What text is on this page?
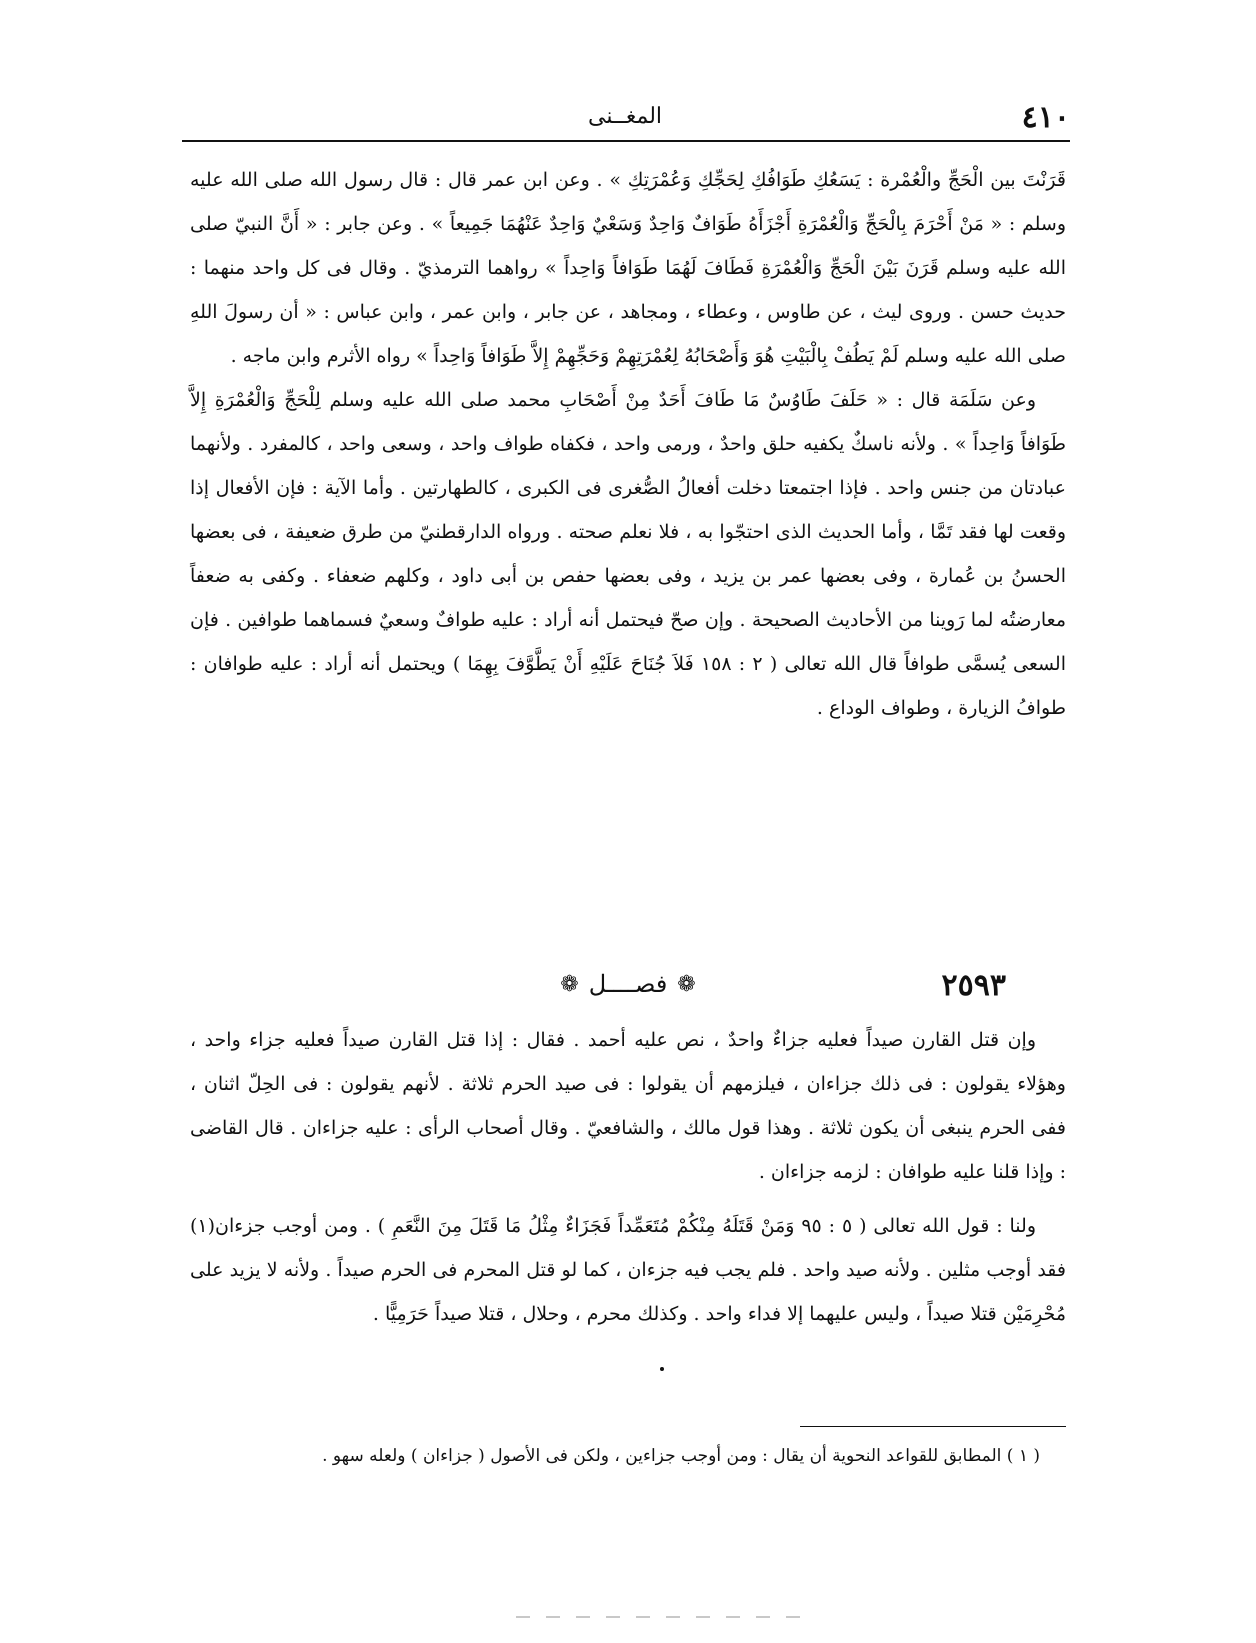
٤١٠
المغــنى

قَرَنْتَ بين الْحَجِّ والْعُمْرة : يَسَعُكِ طَوَافُكِ لِحَجِّكِ وَعُمْرَتِكِ » . وعن ابن عمر قال : قال رسول الله صلى الله عليه وسلم : « مَنْ أَحْرَمَ بِالْحَجِّ وَالْعُمْرَةِ أَجْزَأَهُ طَوَافٌ وَاحِدٌ وَسَعْيٌ وَاحِدٌ عَنْهُمَا جَمِيعاً » . وعن جابر : « أَنَّ النبيّ صلى الله عليه وسلم قَرَنَ بَيْنَ الْحَجِّ وَالْعُمْرَةِ فَطَافَ لَهُمَا طَوَافاً وَاحِداً » رواهما الترمذيّ . وقال فى كل واحد منهما : حديث حسن . وروى ليث ، عن طاوس ، وعطاء ، ومجاهد ، عن جابر ، وابن عمر ، وابن عباس : « أن رسولَ اللهِ صلى الله عليه وسلم لَمْ يَطُفْ بِالْبَيْتِ هُوَ وَأَصْحَابُهُ لِعُمْرَتِهِمْ وَحَجِّهِمْ إِلاَّ طَوَافاً وَاحِداً » رواه الأثرم وابن ماجه .

وعن سَلَمَة قال : « حَلَفَ طَاوُسٌ مَا طَافَ أَحَدٌ مِنْ أَصْحَابِ محمد صلى الله عليه وسلم لِلْحَجِّ وَالْعُمْرَةِ إِلاَّ طَوَافاً وَاحِداً » . ولأنه ناسكٌ يكفيه حلق واحدٌ ، ورمى واحد ، فكفاه طواف واحد ، وسعى واحد ، كالمفرد . ولأنهما عبادتان من جنس واحد . فإذا اجتمعتا دخلت أفعالُ الصُّغرى فى الكبرى ، كالطهارتين . وأما الآية : فإن الأفعال إذا وقعت لها فقد تَمَّا ، وأما الحديث الذى احتجّوا به ، فلا نعلم صحته . ورواه الدارقطنيّ من طرق ضعيفة ، فى بعضها الحسنُ بن عُمارة ، وفى بعضها عمر بن يزيد ، وفى بعضها حفص بن أبى داود ، وكلهم ضعفاء . وكفى به ضعفاً معارضتُه لما رَوينا من الأحاديث الصحيحة . وإن صحّ فيحتمل أنه أراد : عليه طوافٌ وسعيٌ فسماهما طوافين . فإن السعى يُسمَّى طوافاً قال الله تعالى ( ٢ : ١٥٨ فَلاَ جُنَاحَ عَلَيْهِ أَنْ يَطَّوَّفَ بِهِمَا ) ويحتمل أنه أراد : عليه طوافان : طوافُ الزيارة ، وطواف الوداع .

٢٥٩٣
❁
فصــــل
❁

وإن قتل القارن صيداً فعليه جزاءٌ واحدٌ ، نص عليه أحمد . فقال : إذا قتل القارن صيداً فعليه جزاء واحد ، وهؤلاء يقولون : فى ذلك جزاءان ، فيلزمهم أن يقولوا : فى صيد الحرم ثلاثة . لأنهم يقولون : فى الحِلّ اثنان ، ففى الحرم ينبغى أن يكون ثلاثة . وهذا قول مالك ، والشافعيّ . وقال أصحاب الرأى : عليه جزاءان . قال القاضى : وإذا قلنا عليه طوافان : لزمه جزاءان .

ولنا : قول الله تعالى ( ٥ : ٩٥ وَمَنْ قَتَلَهُ مِنْكُمْ مُتَعَمِّداً فَجَزَاءٌ مِثْلُ مَا قَتَلَ مِنَ النَّعَمِ ) . ومن أوجب جزءان(١) فقد أوجب مثلين . ولأنه صيد واحد . فلم يجب فيه جزءان ، كما لو قتل المحرم فى الحرم صيداً . ولأنه لا يزيد على مُحْرِمَيْن قتلا صيداً ، وليس عليهما إلا فداء واحد . وكذلك محرم ، وحلال ، قتلا صيداً حَرَمِيًّا .

( ١ ) المطابق للقواعد النحوية أن يقال : ومن أوجب جزاءين ، ولكن فى الأصول ( جزاءان ) ولعله سهو .
